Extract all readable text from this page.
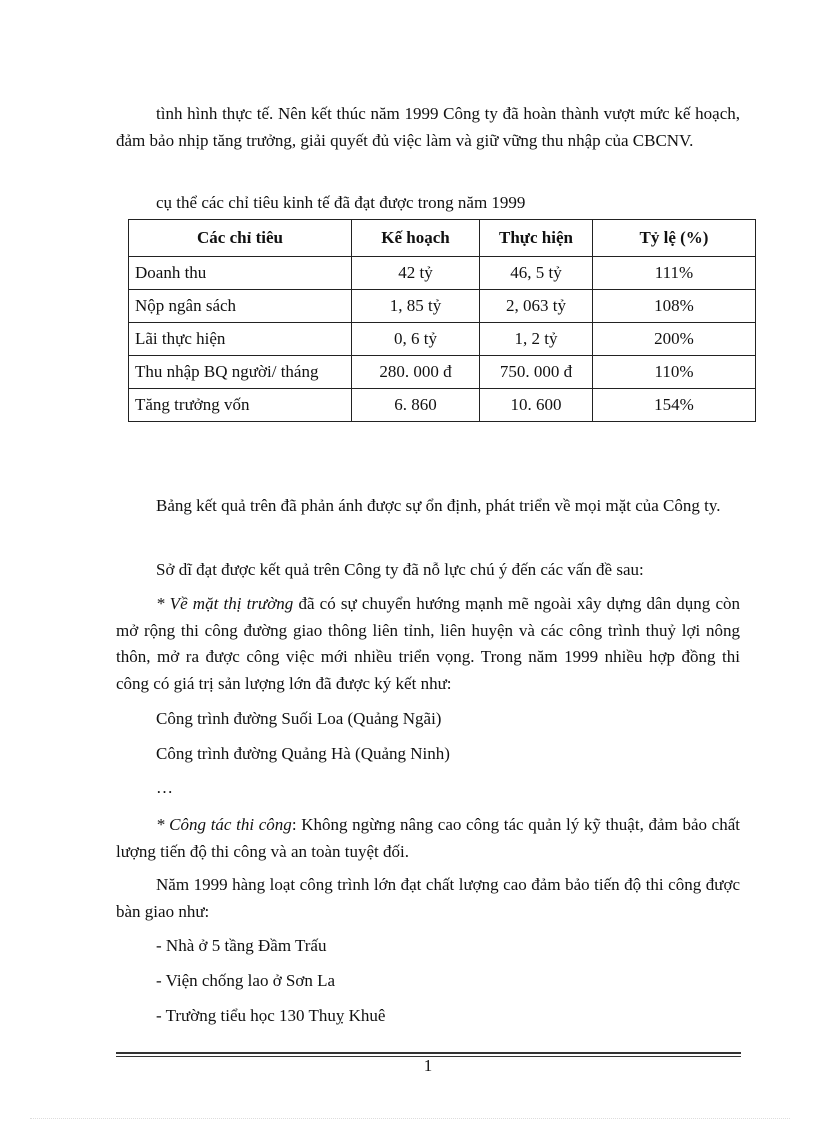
tình hình thực tế. Nên kết thúc năm 1999 Công ty đã hoàn thành vượt mức kế hoạch, đảm bảo nhịp tăng trưởng, giải quyết đủ việc làm và giữ vững thu nhập của CBCNV.

cụ thể các chỉ tiêu kinh tế đã đạt được trong năm 1999

Các chỉ tiêu	Kế hoạch	Thực hiện	Tỷ lệ (%)
Doanh thu	42 tỷ	46, 5 tỷ	111%
Nộp ngân sách	1, 85 tỷ	2, 063 tỷ	108%
Lãi thực hiện	0, 6 tỷ	1, 2 tỷ	200%
Thu nhập BQ người/ tháng	280. 000 đ	750. 000 đ	110%
Tăng trưởng vốn	6. 860	10. 600	154%

Bảng kết quả trên đã phản ánh được sự ổn định, phát triển về mọi mặt của Công ty.

Sở dĩ đạt được kết quả trên Công ty đã nỗ lực chú ý đến các vấn đề sau:

* Về mặt thị trường đã có sự chuyển hướng mạnh mẽ ngoài xây dựng dân dụng còn mở rộng thi công đường giao thông liên tỉnh, liên huyện và các công trình thuỷ lợi nông thôn, mở ra được công việc mới nhiều triển vọng. Trong năm 1999 nhiều hợp đồng thi công có giá trị sản lượng lớn đã được ký kết như:

Công trình đường Suối Loa (Quảng Ngãi)

Công trình đường Quảng Hà (Quảng Ninh)

…

* Công tác thi công: Không ngừng nâng cao công tác quản lý kỹ thuật, đảm bảo chất lượng tiến độ thi công và an toàn tuyệt đối.

Năm 1999 hàng loạt công trình lớn đạt chất lượng cao đảm bảo tiến độ thi công được bàn giao như:

- Nhà ở 5 tầng Đầm Trấu

- Viện chống lao ở Sơn La

- Trường tiểu học 130 Thuỵ Khuê

1
